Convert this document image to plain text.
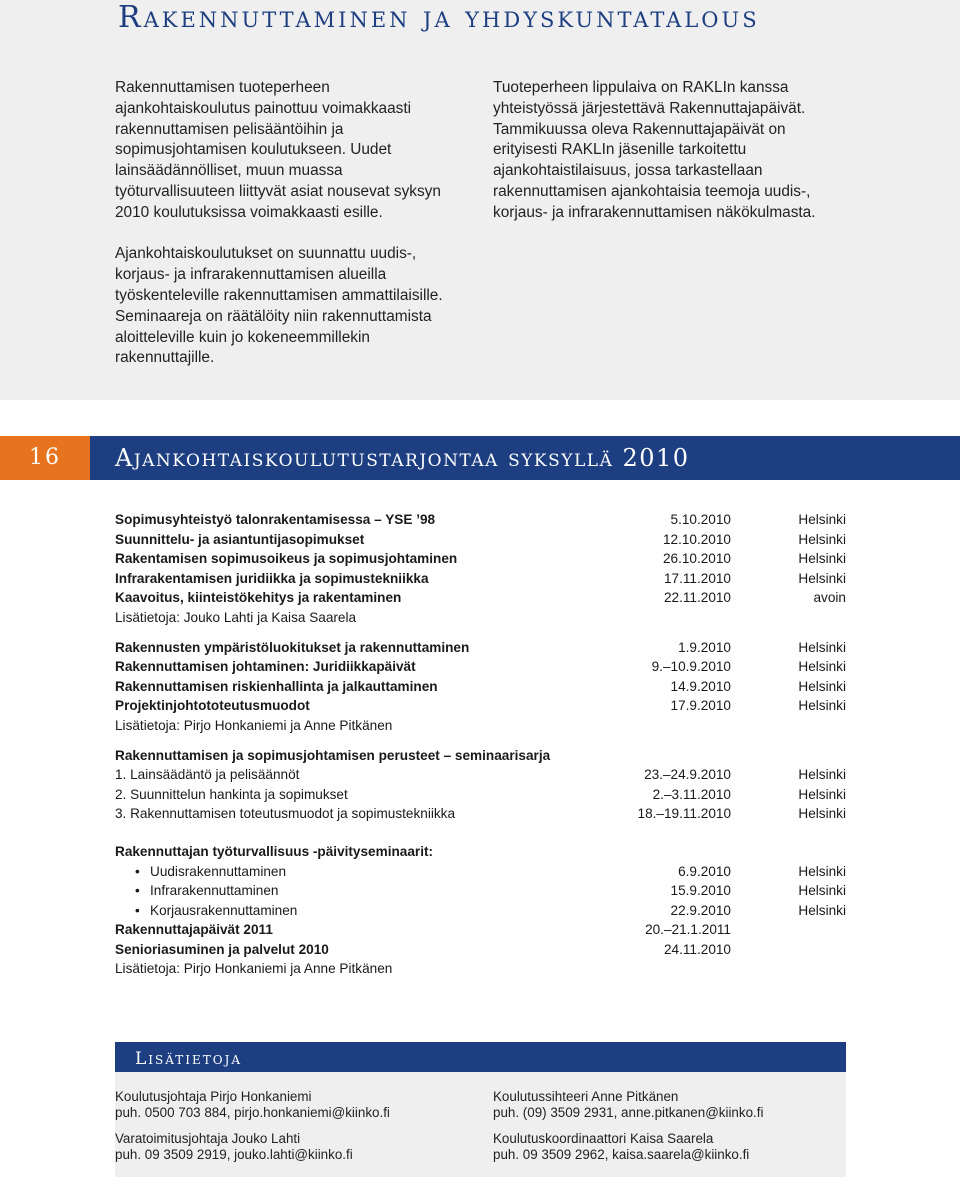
Rakennuttaminen ja yhdyskuntatalous

Rakennuttamisen tuoteperheen ajankohtaiskoulutus painottuu voimakkaasti rakennuttamisen pelisääntöihin ja sopimusjohtamisen koulutukseen. Uudet lainsäädännölliset, muun muassa työturvallisuuteen liittyvät asiat nousevat syksyn 2010 koulutuksissa voimakkaasti esille.

Ajankohtaiskoulutukset on suunnattu uudis-, korjaus- ja infrarakennuttamisen alueilla työskenteleville rakennuttamisen ammattilaisille. Seminaareja on räätälöity niin rakennuttamista aloitteleville kuin jo kokeneemmillekin rakennuttajille.

Tuoteperheen lippulaiva on RAKLIn kanssa yhteistyössä järjestettävä Rakennuttajapäivät. Tammikuussa oleva Rakennuttajapäivät on erityisesti RAKLIn jäsenille tarkoitettu ajankohtaistilaisuus, jossa tarkastellaan rakennuttamisen ajankohtaisia teemoja uudis-, korjaus- ja infrarakennuttamisen näkökulmasta.

16	Ajankohtaiskoulutustarjontaa syksyllä 2010
Sopimusyhteistyö talonrakentamisessa – YSE ’98	5.10.2010	Helsinki
Suunnittelu- ja asiantuntijasopimukset	12.10.2010	Helsinki
Rakentamisen sopimusoikeus ja sopimusjohtaminen	26.10.2010	Helsinki
Infrarakentamisen juridiikka ja sopimustekniikka	17.11.2010	Helsinki
Kaavoitus, kiinteistökehitys ja rakentaminen	22.11.2010	avoin
Lisätietoja: Jouko Lahti ja Kaisa Saarela
Rakennusten ympäristöluokitukset ja rakennuttaminen	1.9.2010	Helsinki
Rakennuttamisen johtaminen: Juridiikkapäivät	9.–10.9.2010	Helsinki
Rakennuttamisen riskienhallinta ja jalkauttaminen	14.9.2010	Helsinki
Projektinjohtototeutusmuodot	17.9.2010	Helsinki
Lisätietoja: Pirjo Honkaniemi ja Anne Pitkänen
Rakennuttamisen ja sopimusjohtamisen perusteet – seminaarisarja
1. Lainsäädäntö ja pelisäännöt	23.–24.9.2010	Helsinki
2. Suunnittelun hankinta ja sopimukset	2.–3.11.2010	Helsinki
3. Rakennuttamisen toteutusmuodot ja sopimustekniikka	18.–19.11.2010	Helsinki
Rakennuttajan työturvallisuus -päivityseminaarit:
• Uudisrakennuttaminen	6.9.2010	Helsinki
• Infrarakennuttaminen	15.9.2010	Helsinki
• Korjausrakennuttaminen	22.9.2010	Helsinki
Rakennuttajapäivät 2011	20.–21.1.2011
Senioriasuminen ja palvelut 2010	24.11.2010
Lisätietoja: Pirjo Honkaniemi ja Anne Pitkänen
Lisätietoja
Koulutusjohtaja Pirjo Honkaniemi
puh. 0500 703 884, pirjo.honkaniemi@kiinko.fi
Varatoimitusjohtaja Jouko Lahti
puh. 09 3509 2919, jouko.lahti@kiinko.fi
Koulutussihteeri Anne Pitkänen
puh. (09) 3509 2931, anne.pitkanen@kiinko.fi
Koulutuskoordinaattori Kaisa Saarela
puh. 09 3509 2962, kaisa.saarela@kiinko.fi
